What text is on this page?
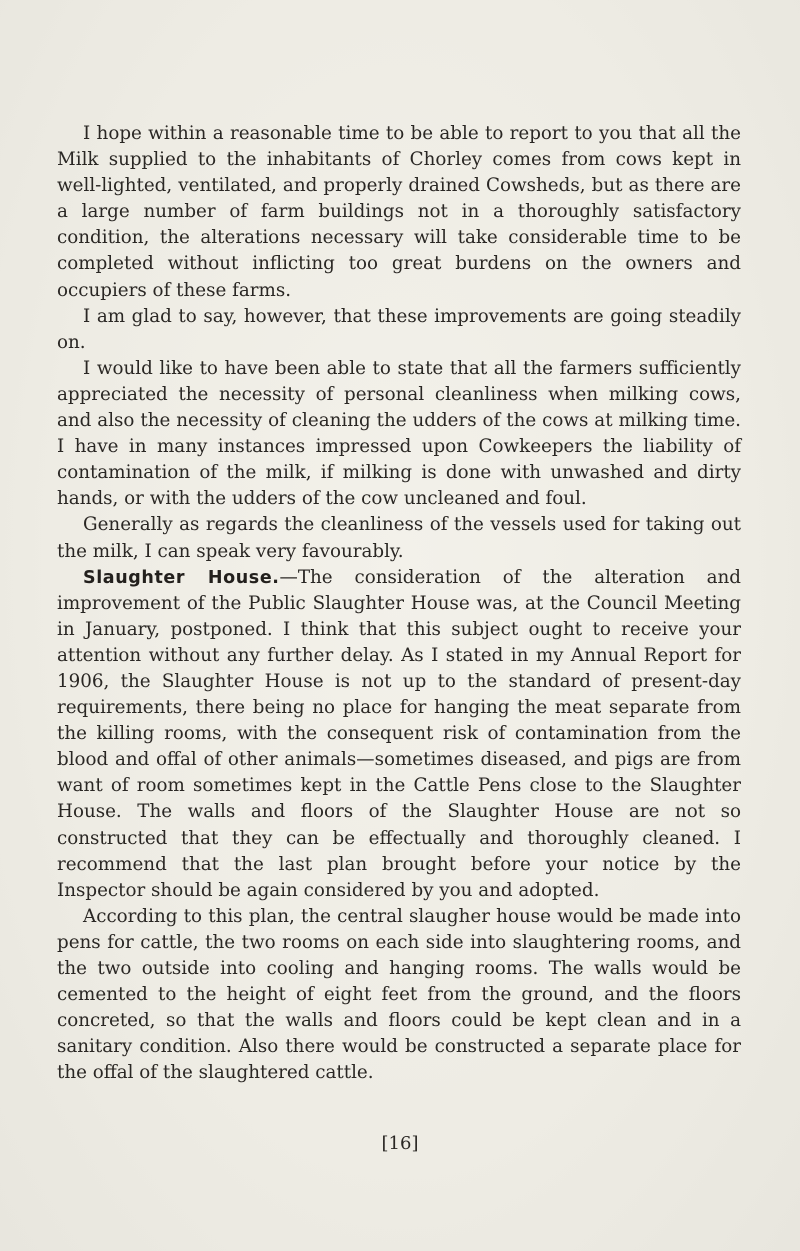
I hope within a reasonable time to be able to report to you that all the Milk supplied to the inhabitants of Chorley comes from cows kept in well-lighted, ventilated, and properly drained Cowsheds, but as there are a large number of farm buildings not in a thoroughly satisfactory condition, the alterations necessary will take considerable time to be completed without inflicting too great burdens on the owners and occupiers of these farms.

I am glad to say, however, that these improvements are going steadily on.

I would like to have been able to state that all the farmers sufficiently appreciated the necessity of personal cleanliness when milking cows, and also the necessity of cleaning the udders of the cows at milking time. I have in many instances impressed upon Cowkeepers the liability of contamination of the milk, if milking is done with unwashed and dirty hands, or with the udders of the cow uncleaned and foul.

Generally as regards the cleanliness of the vessels used for taking out the milk, I can speak very favourably.

Slaughter House.—The consideration of the alteration and improvement of the Public Slaughter House was, at the Council Meeting in January, postponed. I think that this subject ought to receive your attention without any further delay. As I stated in my Annual Report for 1906, the Slaughter House is not up to the standard of present-day requirements, there being no place for hanging the meat separate from the killing rooms, with the consequent risk of contamination from the blood and offal of other animals—sometimes diseased, and pigs are from want of room sometimes kept in the Cattle Pens close to the Slaughter House. The walls and floors of the Slaughter House are not so constructed that they can be effectually and thoroughly cleaned. I recommend that the last plan brought before your notice by the Inspector should be again considered by you and adopted.

According to this plan, the central slaugher house would be made into pens for cattle, the two rooms on each side into slaughtering rooms, and the two outside into cooling and hanging rooms. The walls would be cemented to the height of eight feet from the ground, and the floors concreted, so that the walls and floors could be kept clean and in a sanitary condition. Also there would be constructed a separate place for the offal of the slaughtered cattle.

[16]
